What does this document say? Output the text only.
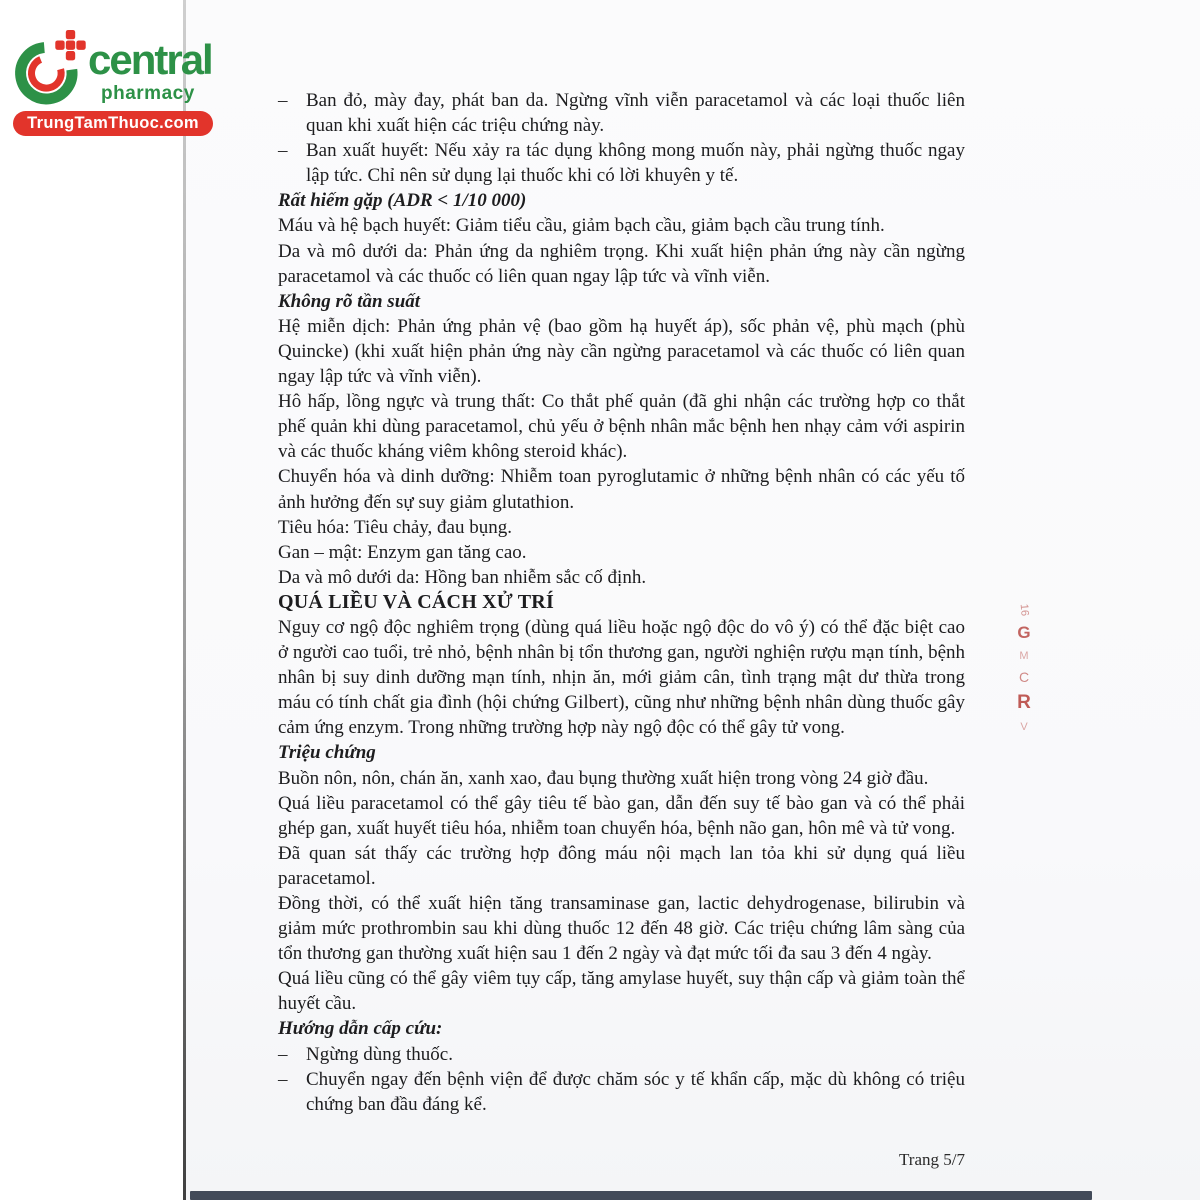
central
pharmacy
TrungTamThuoc.com
– Ban đỏ, mày đay, phát ban da. Ngừng vĩnh viễn paracetamol và các loại thuốc liên quan khi xuất hiện các triệu chứng này.
– Ban xuất huyết: Nếu xảy ra tác dụng không mong muốn này, phải ngừng thuốc ngay lập tức. Chỉ nên sử dụng lại thuốc khi có lời khuyên y tế.

Rất hiếm gặp (ADR < 1/10 000)

Máu và hệ bạch huyết: Giảm tiểu cầu, giảm bạch cầu, giảm bạch cầu trung tính.

Da và mô dưới da: Phản ứng da nghiêm trọng. Khi xuất hiện phản ứng này cần ngừng paracetamol và các thuốc có liên quan ngay lập tức và vĩnh viễn.

Không rõ tần suất

Hệ miễn dịch: Phản ứng phản vệ (bao gồm hạ huyết áp), sốc phản vệ, phù mạch (phù Quincke) (khi xuất hiện phản ứng này cần ngừng paracetamol và các thuốc có liên quan ngay lập tức và vĩnh viễn).

Hô hấp, lồng ngực và trung thất: Co thắt phế quản (đã ghi nhận các trường hợp co thắt phế quản khi dùng paracetamol, chủ yếu ở bệnh nhân mắc bệnh hen nhạy cảm với aspirin và các thuốc kháng viêm không steroid khác).

Chuyển hóa và dinh dưỡng: Nhiễm toan pyroglutamic ở những bệnh nhân có các yếu tố ảnh hưởng đến sự suy giảm glutathion.

Tiêu hóa: Tiêu chảy, đau bụng.

Gan – mật: Enzym gan tăng cao.

Da và mô dưới da: Hồng ban nhiễm sắc cố định.

QUÁ LIỀU VÀ CÁCH XỬ TRÍ

Nguy cơ ngộ độc nghiêm trọng (dùng quá liều hoặc ngộ độc do vô ý) có thể đặc biệt cao ở người cao tuổi, trẻ nhỏ, bệnh nhân bị tổn thương gan, người nghiện rượu mạn tính, bệnh nhân bị suy dinh dưỡng mạn tính, nhịn ăn, mới giảm cân, tình trạng mật dư thừa trong máu có tính chất gia đình (hội chứng Gilbert), cũng như những bệnh nhân dùng thuốc gây cảm ứng enzym. Trong những trường hợp này ngộ độc có thể gây tử vong.

Triệu chứng

Buồn nôn, nôn, chán ăn, xanh xao, đau bụng thường xuất hiện trong vòng 24 giờ đầu.

Quá liều paracetamol có thể gây tiêu tế bào gan, dẫn đến suy tế bào gan và có thể phải ghép gan, xuất huyết tiêu hóa, nhiễm toan chuyển hóa, bệnh não gan, hôn mê và tử vong.

Đã quan sát thấy các trường hợp đông máu nội mạch lan tỏa khi sử dụng quá liều paracetamol.

Đồng thời, có thể xuất hiện tăng transaminase gan, lactic dehydrogenase, bilirubin và giảm mức prothrombin sau khi dùng thuốc 12 đến 48 giờ. Các triệu chứng lâm sàng của tổn thương gan thường xuất hiện sau 1 đến 2 ngày và đạt mức tối đa sau 3 đến 4 ngày.

Quá liều cũng có thể gây viêm tụy cấp, tăng amylase huyết, suy thận cấp và giảm toàn thể huyết cầu.

Hướng dẫn cấp cứu:

– Ngừng dùng thuốc.
– Chuyển ngay đến bệnh viện để được chăm sóc y tế khẩn cấp, mặc dù không có triệu chứng ban đầu đáng kể.
16
G
M
C
R
V
Trang 5/7
